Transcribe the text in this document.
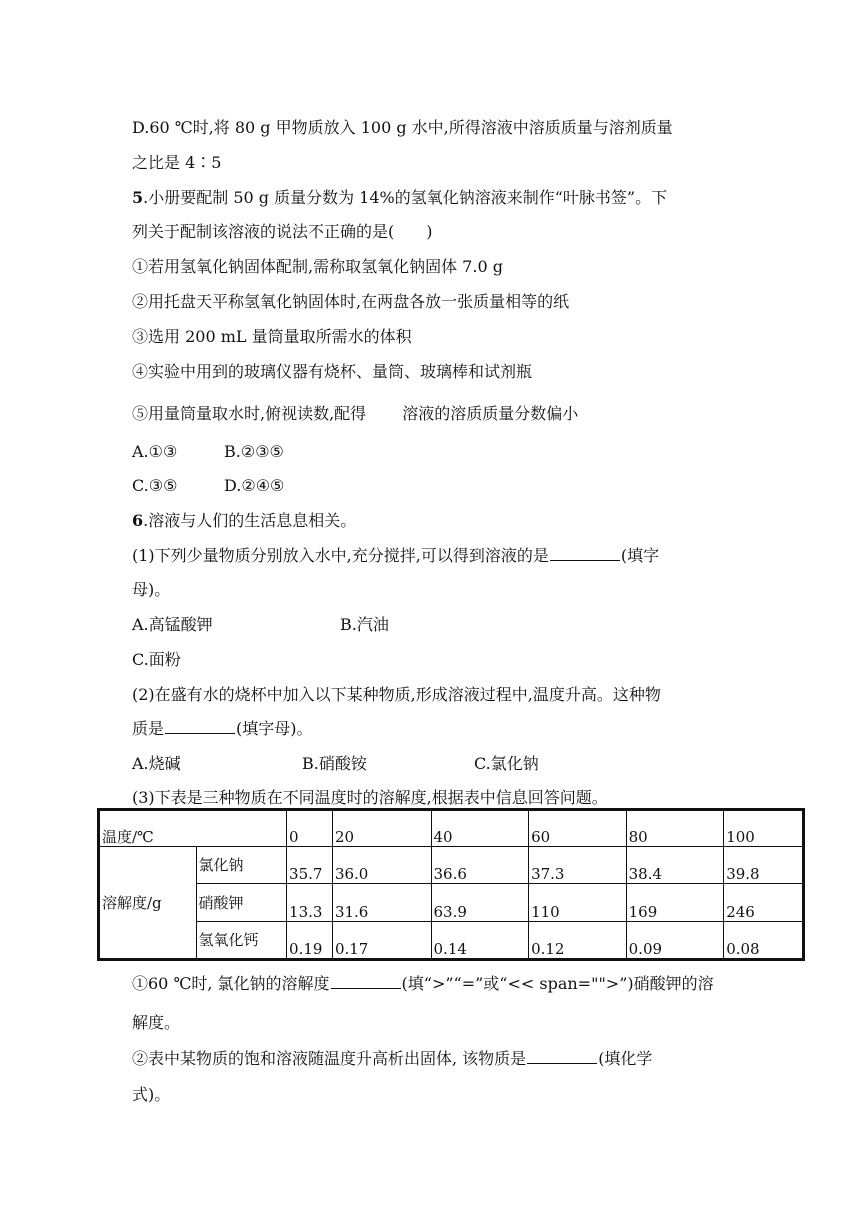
D.60 ℃时,将 80 g 甲物质放入 100 g 水中,所得溶液中溶质质量与溶剂质量
之比是 4∶5
5.小册要配制 50 g 质量分数为 14%的氢氧化钠溶液来制作“叶脉书签”。下
列关于配制该溶液的说法不正确的是(　　)
①若用氢氧化钠固体配制,需称取氢氧化钠固体 7.0 g
②用托盘天平称氢氧化钠固体时,在两盘各放一张质量相等的纸
③选用 200 mL 量筒量取所需水的体积
④实验中用到的玻璃仪器有烧杯、量筒、玻璃棒和试剂瓶
⑤用量筒量取水时,俯视读数,配得 溶液的溶质质量分数偏小
A.①③	B.②③⑤
C.③⑤	D.②④⑤
6.溶液与人们的生活息息相关。
(1)下列少量物质分别放入水中,充分搅拌,可以得到溶液的是	(填字
母)。
A.高锰酸钾	B.汽油
C.面粉
(2)在盛有水的烧杯中加入以下某种物质,形成溶液过程中,温度升高。这种物
质是	(填字母)。
A.烧碱	B.硝酸铵	C.氯化钠
(3)下表是三种物质在不同温度时的溶解度,根据表中信息回答问题。
温度/℃		0	20	40	60	80	100
溶解度/g	氯化钠	35.7	36.0	36.6	37.3	38.4	39.8
	硝酸钾	13.3	31.6	63.9	110	169	246
	氢氧化钙	0.19	0.17	0.14	0.12	0.09	0.08
①60 ℃时, 氯化钠的溶解度	(填“>”“=”或“<< span="">”)硝酸钾的溶
解度。
②表中某物质的饱和溶液随温度升高析出固体, 该物质是	(填化学
式)。
